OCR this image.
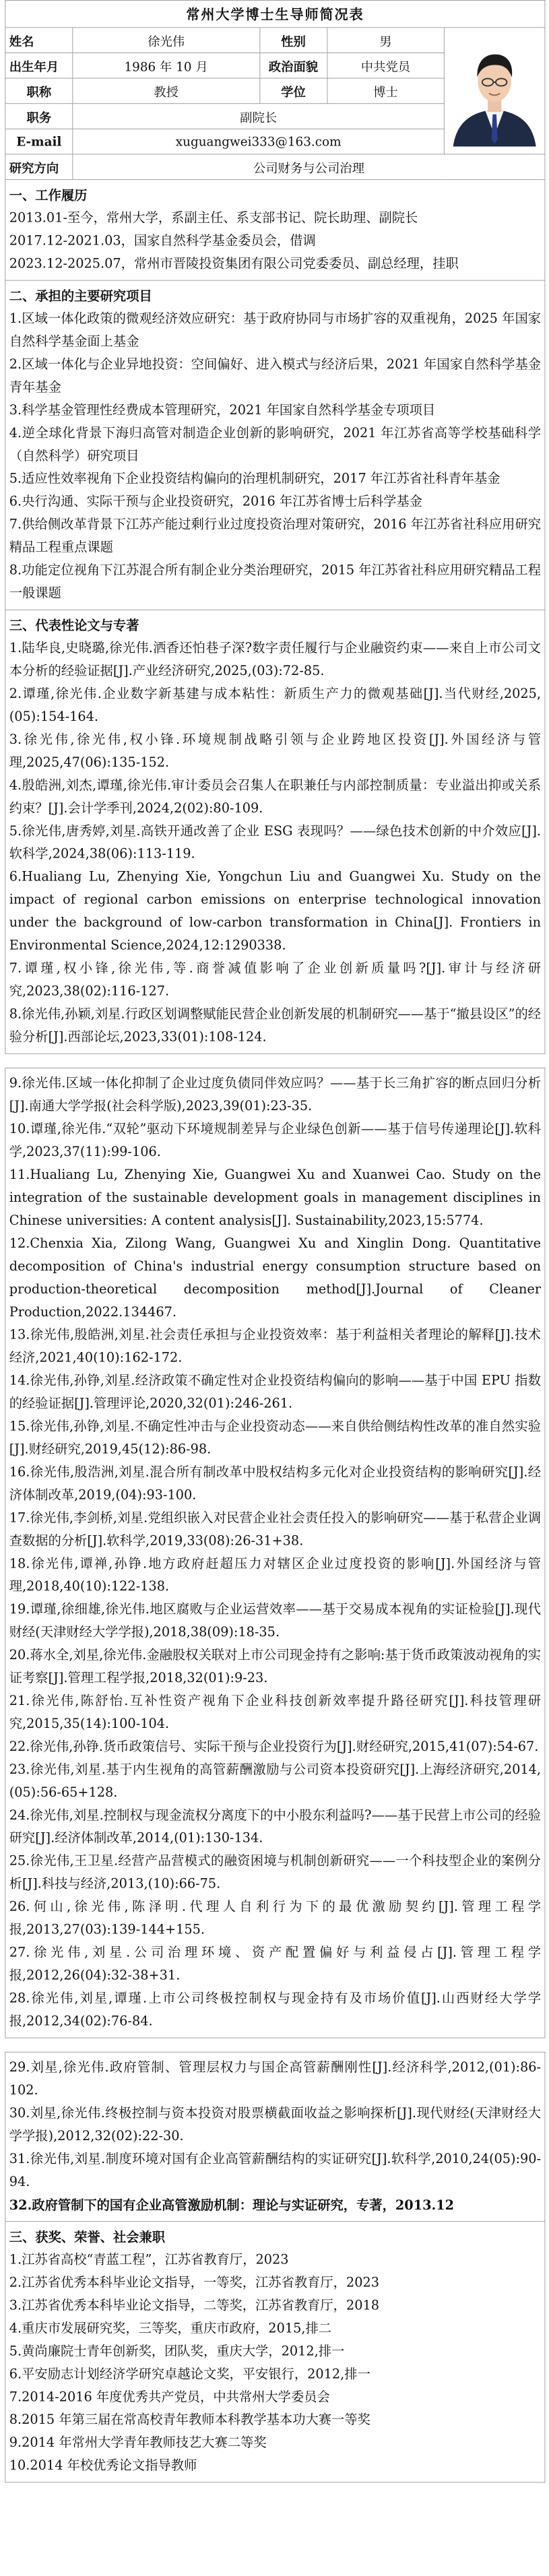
常州大学博士生导师简况表
姓名	徐光伟	性别	男	
出生年月	1986 年 10 月	政治面貌	中共党员	
职称	教授	学位	博士	
职务	副院长			
E-mail	xuguangwei333@163.com			
研究方向	公司财务与公司治理			
一、工作履历

2013.01-至今，常州大学，系副主任、系支部书记、院长助理、副院长

2017.12-2021.03，国家自然科学基金委员会，借调

2023.12-2025.07，常州市晋陵投资集团有限公司党委委员、副总经理，挂职

二、承担的主要研究项目

1.区域一体化政策的微观经济效应研究：基于政府协同与市场扩容的双重视角，2025 年国家自然科学基金面上基金

2.区域一体化与企业异地投资：空间偏好、进入模式与经济后果，2021 年国家自然科学基金青年基金

3.科学基金管理性经费成本管理研究，2021 年国家自然科学基金专项项目

4.逆全球化背景下海归高管对制造企业创新的影响研究，2021 年江苏省高等学校基础科学（自然科学）研究项目

5.适应性效率视角下企业投资结构偏向的治理机制研究，2017 年江苏省社科青年基金

6.央行沟通、实际干预与企业投资研究，2016 年江苏省博士后科学基金

7.供给侧改革背景下江苏产能过剩行业过度投资治理对策研究，2016 年江苏省社科应用研究精品工程重点课题

8.功能定位视角下江苏混合所有制企业分类治理研究，2015 年江苏省社科应用研究精品工程一般课题

三、代表性论文与专著

1.陆华良,史晓璐,徐光伟.洒香还怕巷子深?数字责任履行与企业融资约束——来自上市公司文本分析的经验证据[J].产业经济研究,2025,(03):72-85.

2.谭瑾,徐光伟.企业数字新基建与成本粘性：新质生产力的微观基础[J].当代财经,2025,(05):154-164.

3.徐光伟,徐光伟,权小锋.环境规制战略引领与企业跨地区投资[J].外国经济与管理,2025,47(06):135-152.

4.殷皓洲,刘杰,谭瑾,徐光伟.审计委员会召集人在职兼任与内部控制质量：专业溢出抑或关系约束？[J].会计学季刊,2024,2(02):80-109.

5.徐光伟,唐秀婷,刘星.高铁开通改善了企业 ESG 表现吗？——绿色技术创新的中介效应[J].软科学,2024,38(06):113-119.

6.Hualiang Lu, Zhenying Xie, Yongchun Liu and Guangwei Xu. Study on the impact of regional carbon emissions on enterprise technological innovation under the background of low-carbon transformation in China[J]. Frontiers in Environmental Science,2024,12:1290338.

7.谭瑾,权小锋,徐光伟,等.商誉减值影响了企业创新质量吗?[J].审计与经济研究,2023,38(02):116-127.

8.徐光伟,孙颖,刘星.行政区划调整赋能民营企业创新发展的机制研究——基于“撤县设区”的经验分析[J].西部论坛,2023,33(01):108-124.

9.徐光伟.区域一体化抑制了企业过度负债同伴效应吗？——基于长三角扩容的断点回归分析[J].南通大学学报(社会科学版),2023,39(01):23-35.

10.谭瑾,徐光伟.“双轮”驱动下环境规制差异与企业绿色创新——基于信号传递理论[J].软科学,2023,37(11):99-106.

11.Hualiang Lu, Zhenying Xie, Guangwei Xu and Xuanwei Cao. Study on the integration of the sustainable development goals in management disciplines in Chinese universities: A content analysis[J]. Sustainability,2023,15:5774.

12.Chenxia Xia, Zilong Wang, Guangwei Xu and Xinglin Dong. Quantitative decomposition of China's industrial energy consumption structure based on production-theoretical decomposition method[J].Journal of Cleaner Production,2022.134467.

13.徐光伟,殷皓洲,刘星.社会责任承担与企业投资效率：基于利益相关者理论的解释[J].技术经济,2021,40(10):162-172.

14.徐光伟,孙铮,刘星.经济政策不确定性对企业投资结构偏向的影响——基于中国 EPU 指数的经验证据[J].管理评论,2020,32(01):246-261.

15.徐光伟,孙铮,刘星.不确定性冲击与企业投资动态——来自供给侧结构性改革的准自然实验[J].财经研究,2019,45(12):86-98.

16.徐光伟,殷浩洲,刘星.混合所有制改革中股权结构多元化对企业投资结构的影响研究[J].经济体制改革,2019,(04):93-100.

17.徐光伟,李剑桥,刘星.党组织嵌入对民营企业社会责任投入的影响研究——基于私营企业调查数据的分析[J].软科学,2019,33(08):26-31+38.

18.徐光伟,谭禅,孙铮.地方政府赶超压力对辖区企业过度投资的影响[J].外国经济与管理,2018,40(10):122-138.

19.谭瑾,徐细雄,徐光伟.地区腐败与企业运营效率——基于交易成本视角的实证检验[J].现代财经(天津财经大学学报),2018,38(09):18-35.

20.蒋水全,刘星,徐光伟.金融股权关联对上市公司现金持有之影响:基于货币政策波动视角的实证考察[J].管理工程学报,2018,32(01):9-23.

21.徐光伟,陈舒怡.互补性资产视角下企业科技创新效率提升路径研究[J].科技管理研究,2015,35(14):100-104.

22.徐光伟,孙铮.货币政策信号、实际干预与企业投资行为[J].财经研究,2015,41(07):54-67.

23.徐光伟,刘星.基于内生视角的高管薪酬激励与公司资本投资研究[J].上海经济研究,2014,(05):56-65+128.

24.徐光伟,刘星.控制权与现金流权分离度下的中小股东利益吗?——基于民营上市公司的经验研究[J].经济体制改革,2014,(01):130-134.

25.徐光伟,王卫星.经营产品营模式的融资困境与机制创新研究——一个科技型企业的案例分析[J].科技与经济,2013,(10):66-75.

26.何山,徐光伟,陈泽明.代理人自利行为下的最优激励契约[J].管理工程学报,2013,27(03):139-144+155.

27.徐光伟,刘星.公司治理环境、资产配置偏好与利益侵占[J].管理工程学报,2012,26(04):32-38+31.

28.徐光伟,刘星,谭瑾.上市公司终极控制权与现金持有及市场价值[J].山西财经大学学报,2012,34(02):76-84.

29.刘星,徐光伟.政府管制、管理层权力与国企高管薪酬刚性[J].经济科学,2012,(01):86-102.

30.刘星,徐光伟.终极控制与资本投资对股票横截面收益之影响探析[J].现代财经(天津财经大学学报),2012,32(02):22-30.

31.徐光伟,刘星.制度环境对国有企业高管薪酬结构的实证研究[J].软科学,2010,24(05):90-94.

32.政府管制下的国有企业高管激励机制：理论与实证研究，专著，2013.12

三、获奖、荣誉、社会兼职

1.江苏省高校“青蓝工程”，江苏省教育厅，2023

2.江苏省优秀本科毕业论文指导，一等奖，江苏省教育厅，2023

3.江苏省优秀本科毕业论文指导，二等奖，江苏省教育厅，2018

4.重庆市发展研究奖，三等奖，重庆市政府，2015,排二

5.黄尚廉院士青年创新奖，团队奖，重庆大学，2012,排一

6.平安励志计划经济学研究卓越论文奖，平安银行，2012,排一

7.2014-2016 年度优秀共产党员，中共常州大学委员会

8.2015 年第三届在常高校青年教师本科教学基本功大赛一等奖

9.2014 年常州大学青年教师技艺大赛二等奖

10.2014 年校优秀论文指导教师
